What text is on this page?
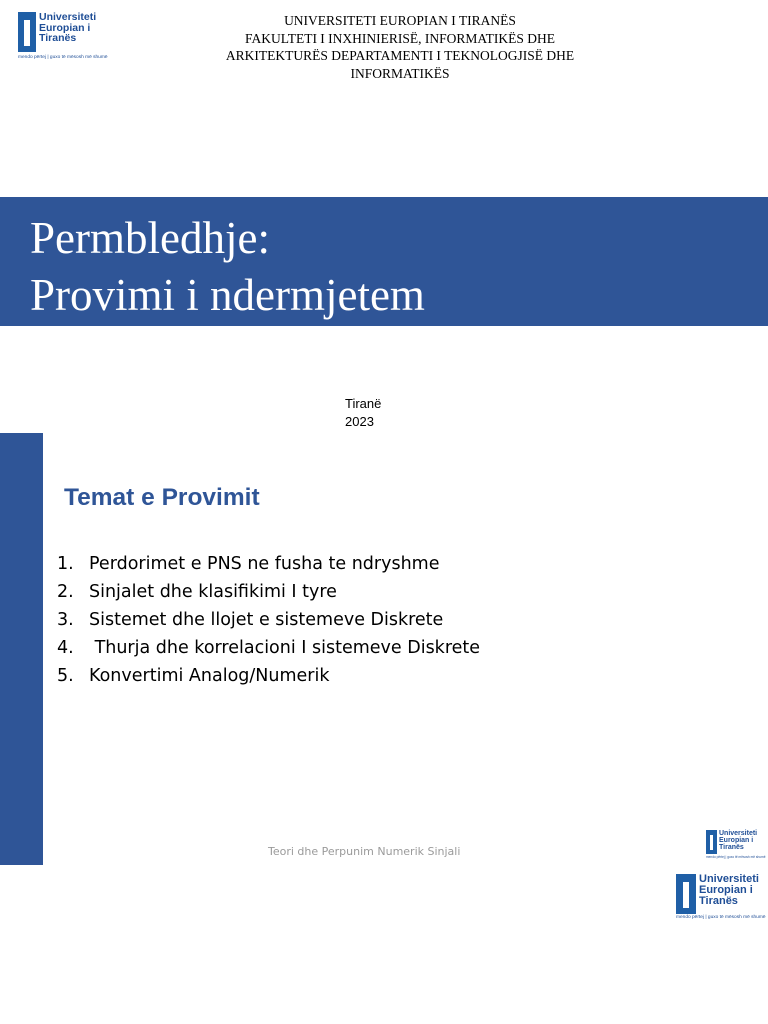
Universiteti
Europian i
Tiranës
mendo përtej | guxo të mësosh më shumë
UNIVERSITETI EUROPIAN I TIRANËS
FAKULTETI I INXHINIERISË, INFORMATIKËS DHE
ARKITEKTURËS DEPARTAMENTI I TEKNOLOGJISË DHE
INFORMATIKËS
Permbledhje:
Provimi i ndermjetem
Tiranë
2023
Temat e Provimit
1. Perdorimet e PNS ne fusha te ndryshme
2. Sinjalet dhe klasifikimi I tyre
3. Sistemet dhe llojet e sistemeve Diskrete
4. Thurja dhe korrelacioni I sistemeve Diskrete
5. Konvertimi Analog/Numerik
Teori dhe Perpunim Numerik Sinjali
Universiteti
Europian i
Tiranës
mendo përtej | guxo të mësosh më shumë
Universiteti
Europian i
Tiranës
mendo përtej | guxo të mësosh më shumë
